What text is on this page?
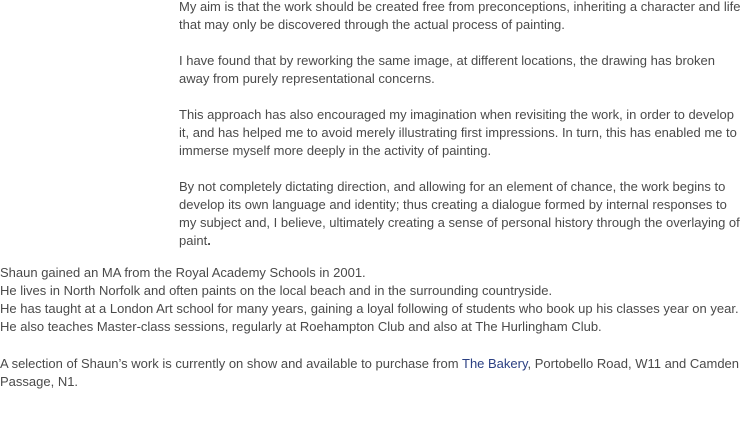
My aim is that the work should be created free from preconceptions, inheriting a character and life that may only be discovered through the actual process of painting.

I have found that by reworking the same image, at different locations, the drawing has broken away from purely representational concerns.

This approach has also encouraged my imagination when revisiting the work, in order to develop it, and has helped me to avoid merely illustrating first impressions. In turn, this has enabled me to immerse myself more deeply in the activity of painting.

By not completely dictating direction, and allowing for an element of chance, the work begins to develop its own language and identity; thus creating a dialogue formed by internal responses to my subject and, I believe, ultimately creating a sense of personal history through the overlaying of paint.

Shaun gained an MA from the Royal Academy Schools in 2001.

He lives in North Norfolk and often paints on the local beach and in the surrounding countryside.

He has taught at a London Art school for many years, gaining a loyal following of students who book up his classes year on year.

He also teaches Master-class sessions, regularly at Roehampton Club and also at The Hurlingham Club.

A selection of Shaun’s work is currently on show and available to purchase from The Bakery, Portobello Road, W11 and Camden Passage, N1.
